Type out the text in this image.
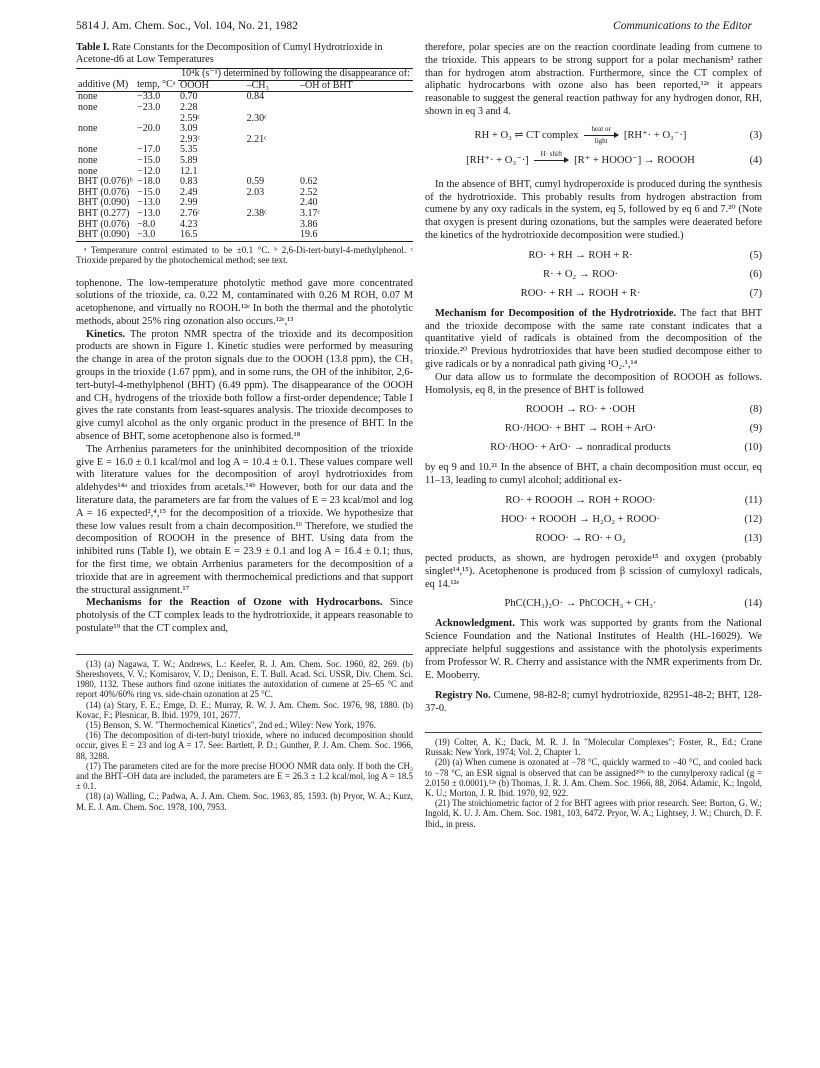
5814 J. Am. Chem. Soc., Vol. 104, No. 21, 1982	Communications to the Editor
Table I. Rate Constants for the Decomposition of Cumyl Hydrotrioxide in Acetone-d6 at Low Temperatures
		10⁴k (s⁻¹) determined by following the disappearance of:		
additive (M)	temp, °Cᵃ	OOOH	–CH₃	–OH of BHT
none	−33.0	0.70	0.84	
none	−23.0	2.28		
		2.59ᶜ	2.30ᶜ	
none	−20.0	3.09		
		2.93ᶜ	2.21ᶜ	
none	−17.0	5.35		
none	−15.0	5.89		
none	−12.0	12.1		
BHT (0.076)ᵇ	−18.0	0.83	0.59	0.62
BHT (0.076)	−15.0	2.49	2.03	2.52
BHT (0.090)	−13.0	2.99		2.40
BHT (0.277)	−13.0	2.76ᶜ	2.38ᶜ	3.17ᶜ
BHT (0.076)	−8.0	4.23		3.86
BHT (0.090)	−3.0	16.5		19.6
ᵃ Temperature control estimated to be ±0.1 °C. ᵇ 2,6-Di-tert-butyl-4-methylphenol. ᶜ Trioxide prepared by the photochemical method; see text.

tophenone. The low-temperature photolytic method gave more concentrated solutions of the trioxide, ca. 0.22 M, contaminated with 0.26 M ROH, 0.07 M acetophenone, and virtually no ROOH.¹²ᵉ In both the thermal and the photolytic methods, about 25% ring ozonation also occurs.¹²ᵉ,¹³

Kinetics. The proton NMR spectra of the trioxide and its decomposition products are shown in Figure 1. Kinetic studies were performed by measuring the change in area of the proton signals due to the OOOH (13.8 ppm), the CH₃ groups in the trioxide (1.67 ppm), and in some runs, the OH of the inhibitor, 2,6-tert-butyl-4-methylphenol (BHT) (6.49 ppm). The disappearance of the OOOH and CH₃ hydrogens of the trioxide both follow a first-order dependence; Table I gives the rate constants from least-squares analysis. The trioxide decomposes to give cumyl alcohol as the only organic product in the presence of BHT. In the absence of BHT, some acetophenone also is formed.¹⁸

The Arrhenius parameters for the uninhibited decomposition of the trioxide give E = 16.0 ± 0.1 kcal/mol and log A = 10.4 ± 0.1. These values compare well with literature values for the decomposition of aroyl hydrotrioxides from aldehydes¹⁴ᵃ and trioxides from acetals.¹⁴ᵇ However, both for our data and the literature data, the parameters are far from the values of E = 23 kcal/mol and log A = 16 expected²,⁴,¹⁵ for the decomposition of a trioxide. We hypothesize that these low values result from a chain decomposition.¹⁶ Therefore, we studied the decomposition of ROOOH in the presence of BHT. Using data from the inhibited runs (Table I), we obtain E = 23.9 ± 0.1 and log A = 16.4 ± 0.1; thus, for the first time, we obtain Arrhenius parameters for the decomposition of a trioxide that are in agreement with thermochemical predictions and that support the structural assignment.¹⁷

Mechanisms for the Reaction of Ozone with Hydrocarbons. Since photolysis of the CT complex leads to the hydrotrioxide, it appears reasonable to postulate¹⁹ that the CT complex and,

(13) (a) Nagawa, T. W.; Andrews, L.: Keefer, R. J. Am. Chem. Soc. 1960, 82, 269. (b) Shereshovets, V. V.; Komisarov, V. D.; Denison, E. T. Bull. Acad. Sci. USSR, Div. Chem. Sci. 1980, 1132. These authors find ozone initiates the autoxidation of cumene at 25–65 °C and report 40%/60% ring vs. side-chain ozonation at 25 °C.

(14) (a) Stary, F. E.; Emge, D. E.; Murray, R. W. J. Am. Chem. Soc. 1976, 98, 1880. (b) Kovac, F.; Plesnicar, B. Ibid. 1979, 101, 2677.

(15) Benson, S. W. "Thermochemical Kinetics", 2nd ed.; Wiley: New York, 1976.

(16) The decomposition of di-tert-butyl trioxide, where no induced decomposition should occur, gives E = 23 and log A = 17. See: Bartlett, P. D.; Gunther, P. J. Am. Chem. Soc. 1966, 88, 3288.

(17) The parameters cited are for the more precise HOOO NMR data only. If both the CH₃ and the BHT–OH data are included, the parameters are E = 26.3 ± 1.2 kcal/mol, log A = 18.5 ± 0.1.

(18) (a) Walling, C.; Padwa, A. J. Am. Chem. Soc. 1963, 85, 1593. (b) Pryor, W. A.; Kurz, M. E. J. Am. Chem. Soc. 1978, 100, 7953.

therefore, polar species are on the reaction coordinate leading from cumene to the trioxide. This appears to be strong support for a polar mechanism² rather than for hydrogen atom abstraction. Furthermore, since the CT complex of aliphatic hydrocarbons with ozone also has been reported,¹²ᵉ it appears reasonable to suggest the general reaction pathway for any hydrogen donor, RH, shown in eq 3 and 4.

RH + O₃ ⇌ CT complex
heat or
light
[RH⁺· + O₃⁻·]	(3)
[RH⁺· + O₃⁻·]
H· shift
[R⁺ + HOOO⁻] → ROOOH	(4)

In the absence of BHT, cumyl hydroperoxide is produced during the synthesis of the hydrotrioxide. This probably results from hydrogen abstraction from cumene by any oxy radicals in the system, eq 5, followed by eq 6 and 7.²⁰ (Note that oxygen is present during ozonations, but the samples were deaerated before the kinetics of the hydrotrioxide decomposition were studied.)

RO· + RH → ROH + R·	(5)
R· + O₂ → ROO·	(6)
ROO· + RH → ROOH + R·	(7)

Mechanism for Decomposition of the Hydrotrioxide. The fact that BHT and the trioxide decompose with the same rate constant indicates that a quantitative yield of radicals is obtained from the decomposition of the trioxide.²⁰ Previous hydrotrioxides that have been studied decompose either to give radicals or by a nonradical path giving ¹O₂.¹,¹⁴

Our data allow us to formulate the decomposition of ROOOH as follows. Homolysis, eq 8, in the presence of BHT is followed

ROOOH → RO· + ·OOH	(8)
RO·/HOO· + BHT → ROH + ArO·	(9)
RO·/HOO· + ArO· → nonradical products	(10)

by eq 9 and 10.²¹ In the absence of BHT, a chain decomposition must occur, eq 11–13, leading to cumyl alcohol; additional ex-

RO· + ROOOH → ROH + ROOO·	(11)
HOO· + ROOOH → H₂O₂ + ROOO·	(12)
ROOO· → RO· + O₂	(13)

pected products, as shown, are hydrogen peroxide¹⁵ and oxygen (probably singlet¹⁴,¹⁵). Acetophenone is produced from β scission of cumyloxyl radicals, eq 14.¹²ᵉ

PhC(CH₃)₂O· → PhCOCH₃ + CH₃·	(14)

Acknowledgment. This work was supported by grants from the National Science Foundation and the National Institutes of Health (HL-16029). We appreciate helpful suggestions and assistance with the photolysis experiments from Professor W. R. Cherry and assistance with the NMR experiments from Dr. E. Mooberry.

Registry No. Cumene, 98-82-8; cumyl hydrotrioxide, 82951-48-2; BHT, 128-37-0.

(19) Colter, A. K.; Dack, M. R. J. In "Molecular Complexes"; Foster, R., Ed.; Crane Russak: New York, 1974; Vol. 2, Chapter 1.

(20) (a) When cumene is ozonated at −78 °C, quickly warmed to −40 °C, and cooled back to −78 °C, an ESR signal is observed that can be assigned²⁰ᵇ to the cumylperoxy radical (g = 2.0150 ± 0.0001).¹²ᵉ (b) Thomas, J. R. J. Am. Chem. Soc. 1966, 88, 2064. Adamic, K.; Ingold, K. U.; Morton, J. R. Ibid. 1970, 92, 922.

(21) The stoichiometric factor of 2 for BHT agrees with prior research. See: Burton, G. W.; Ingold, K. U. J. Am. Chem. Soc. 1981, 103, 6472. Pryor, W. A.; Lightsey, J. W.; Church, D. F. Ibid., in press.
